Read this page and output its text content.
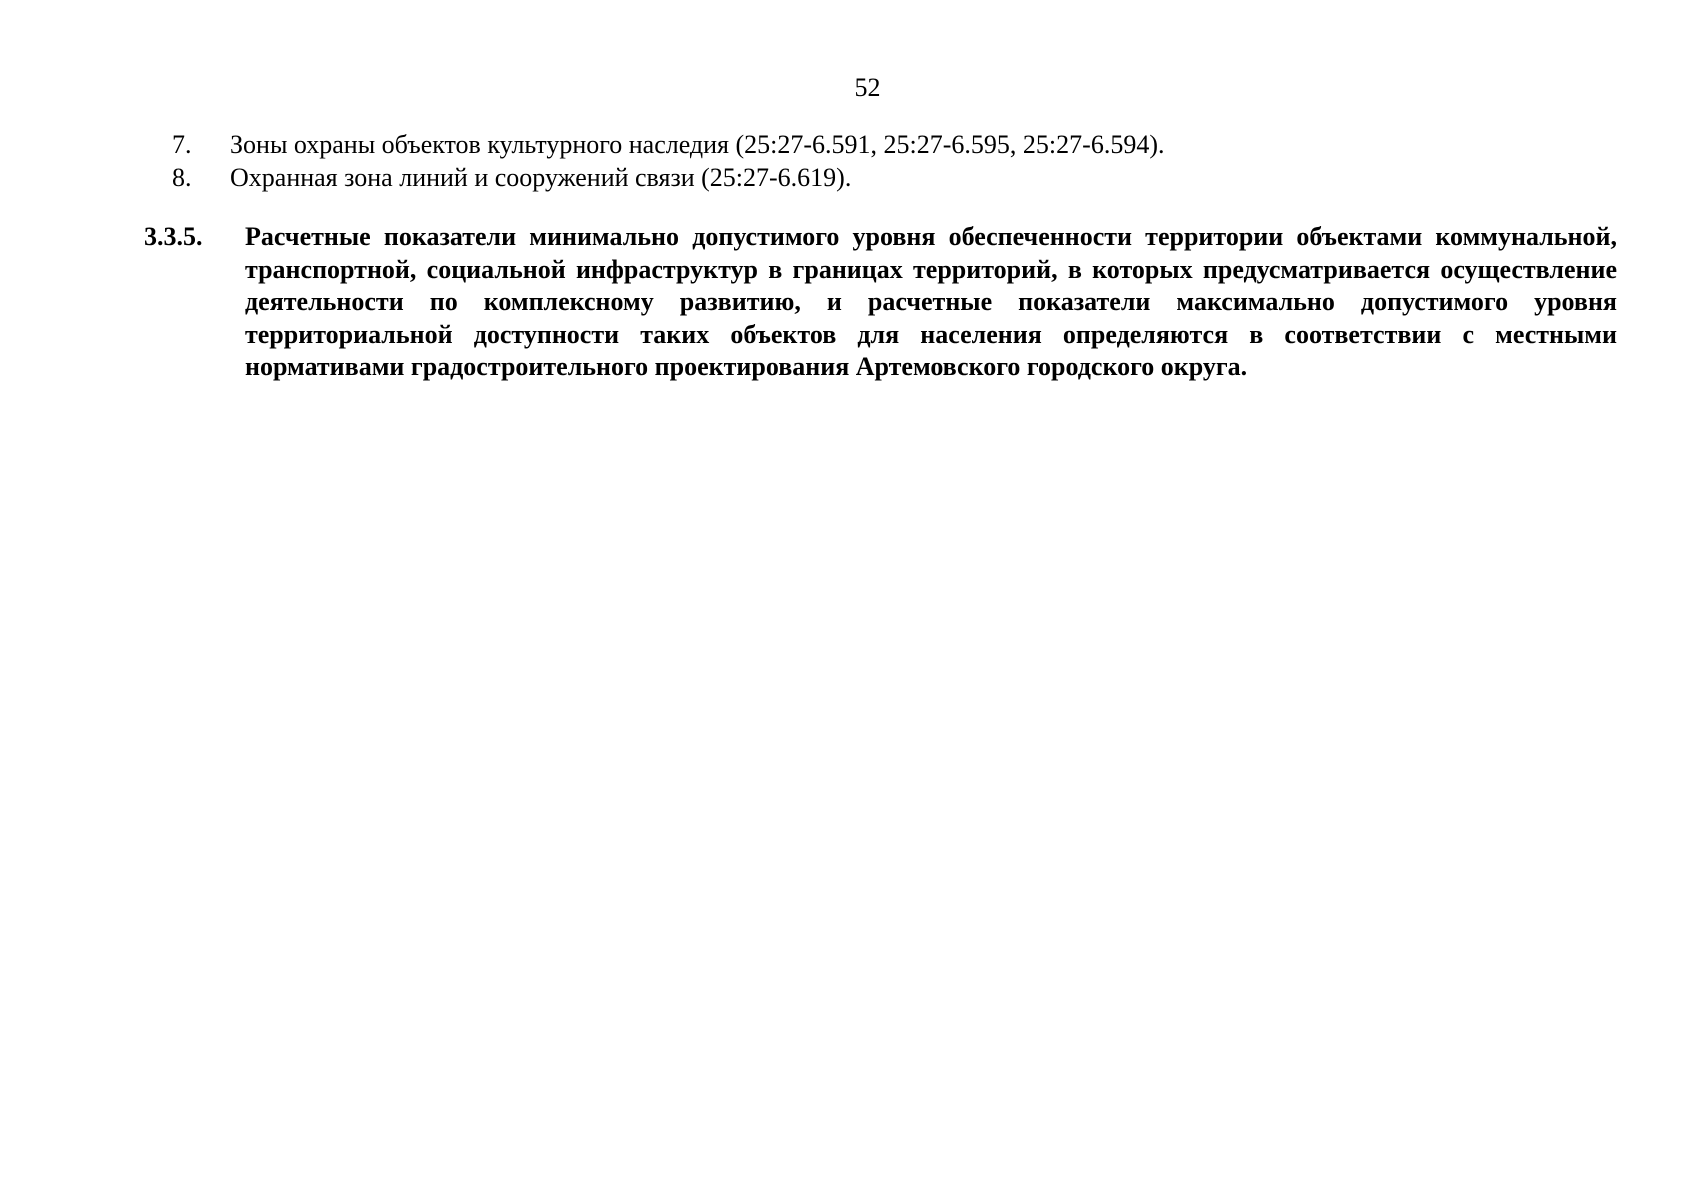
52
7.	Зоны охраны объектов культурного наследия (25:27-6.591, 25:27-6.595, 25:27-6.594).
8.	Охранная зона линий и сооружений связи (25:27-6.619).
3.3.5. Расчетные показатели минимально допустимого уровня обеспеченности территории объектами коммунальной, транспортной, социальной инфраструктур в границах территорий, в которых предусматривается осуществление деятельности по комплексному развитию, и расчетные показатели максимально допустимого уровня территориальной доступности таких объектов для населения определяются в соответствии с местными нормативами градостроительного проектирования Артемовского городского округа.
